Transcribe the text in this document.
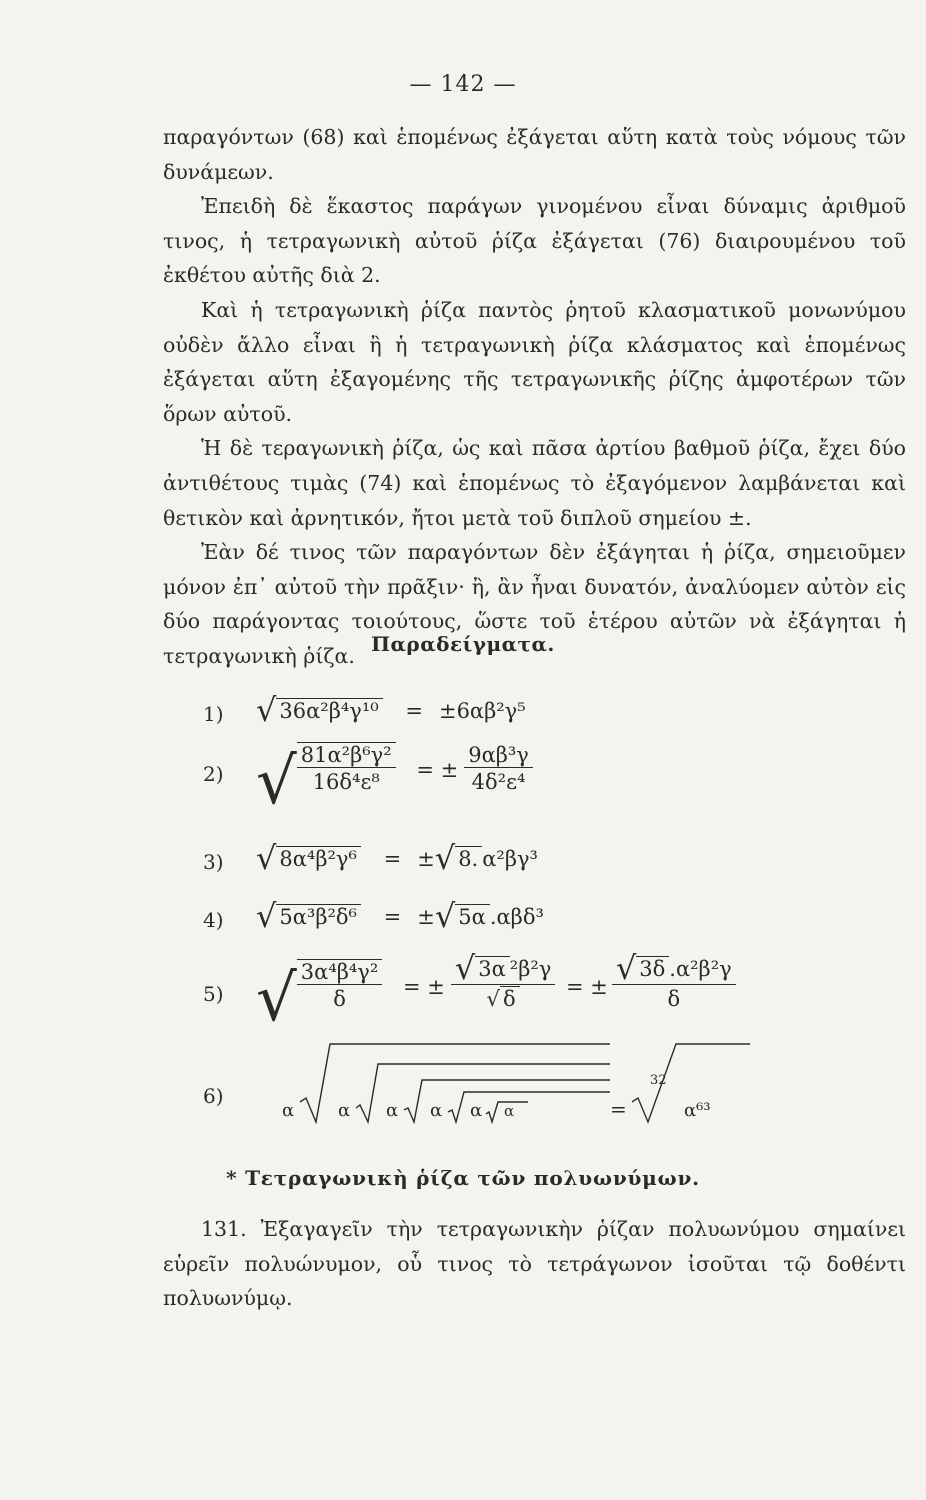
— 142 —

παραγόντων (68) καὶ ἑπομένως ἐξάγεται αὕτη κατὰ τοὺς νόμους τῶν δυνάμεων.

Ἐπειδὴ δὲ ἕκαστος παράγων γινομένου εἶναι δύναμις ἀριθμοῦ τινος, ἡ τετραγωνικὴ αὐτοῦ ῥίζα ἐξάγεται (76) διαιρουμένου τοῦ ἐκθέτου αὐτῆς διὰ 2.

Καὶ ἡ τετραγωνικὴ ῥίζα παντὸς ῥητοῦ κλασματικοῦ μονωνύμου οὐδὲν ἄλλο εἶναι ἢ ἡ τετραγωνικὴ ῥίζα κλάσματος καὶ ἑπομένως ἐξάγεται αὕτη ἐξαγομένης τῆς τετραγωνικῆς ῥίζης ἀμφοτέρων τῶν ὅρων αὐτοῦ.

Ἡ δὲ τεραγωνικὴ ῥίζα, ὡς καὶ πᾶσα ἀρτίου βαθμοῦ ῥίζα, ἔχει δύο ἀντιθέτους τιμὰς (74) καὶ ἑπομένως τὸ ἐξαγόμενον λαμβάνεται καὶ θετικὸν καὶ ἀρνητικόν, ἤτοι μετὰ τοῦ διπλοῦ σημείου ±.

Ἐὰν δέ τινος τῶν παραγόντων δὲν ἐξάγηται ἡ ῥίζα, σημειοῦμεν μόνον ἐπ᾽ αὐτοῦ τὴν πρᾶξιν· ἢ, ἂν ἦναι δυνατόν, ἀναλύομεν αὐτὸν εἰς δύο παράγοντας τοιούτους, ὥστε τοῦ ἑτέρου αὐτῶν νὰ ἐξάγηται ἡ τετραγωνικὴ ῥίζα. Παραδείγματα.
1) √ 36α²β⁴γ¹⁰ = ±6αβ²γ⁵
2) √ $\frac{\text{81α²β⁶γ²}}{\text{16δ⁴ε⁸}}$ = ± $\frac{\text{9αβ³γ}}{\text{4δ²ε⁴}}$
3) √ 8α⁴β²γ⁶ = ±√ 8. α²βγ³
4) √ 5α³β²δ⁶ = ±√ 5α .αβδ³
5) √ $\frac{\text{3α⁴β⁴γ²}}{\delta}$ = ± $\frac{\text{√ 3α ²β²γ}}{√ \delta}$ = ± $\frac{\text{√ 3δ .α²β²γ}}{\delta}$
6)
α α α α α α	=
32
α⁶³
* Τετραγωνικὴ ῥίζα τῶν πολυωνύμων.

131. Ἐξαγαγεῖν τὴν τετραγωνικὴν ῥίζαν πολυωνύμου σημαίνει εὑρεῖν πολυώνυμον, οὗ τινος τὸ τετράγωνον ἰσοῦται τῷ δοθέντι πολυωνύμῳ.
